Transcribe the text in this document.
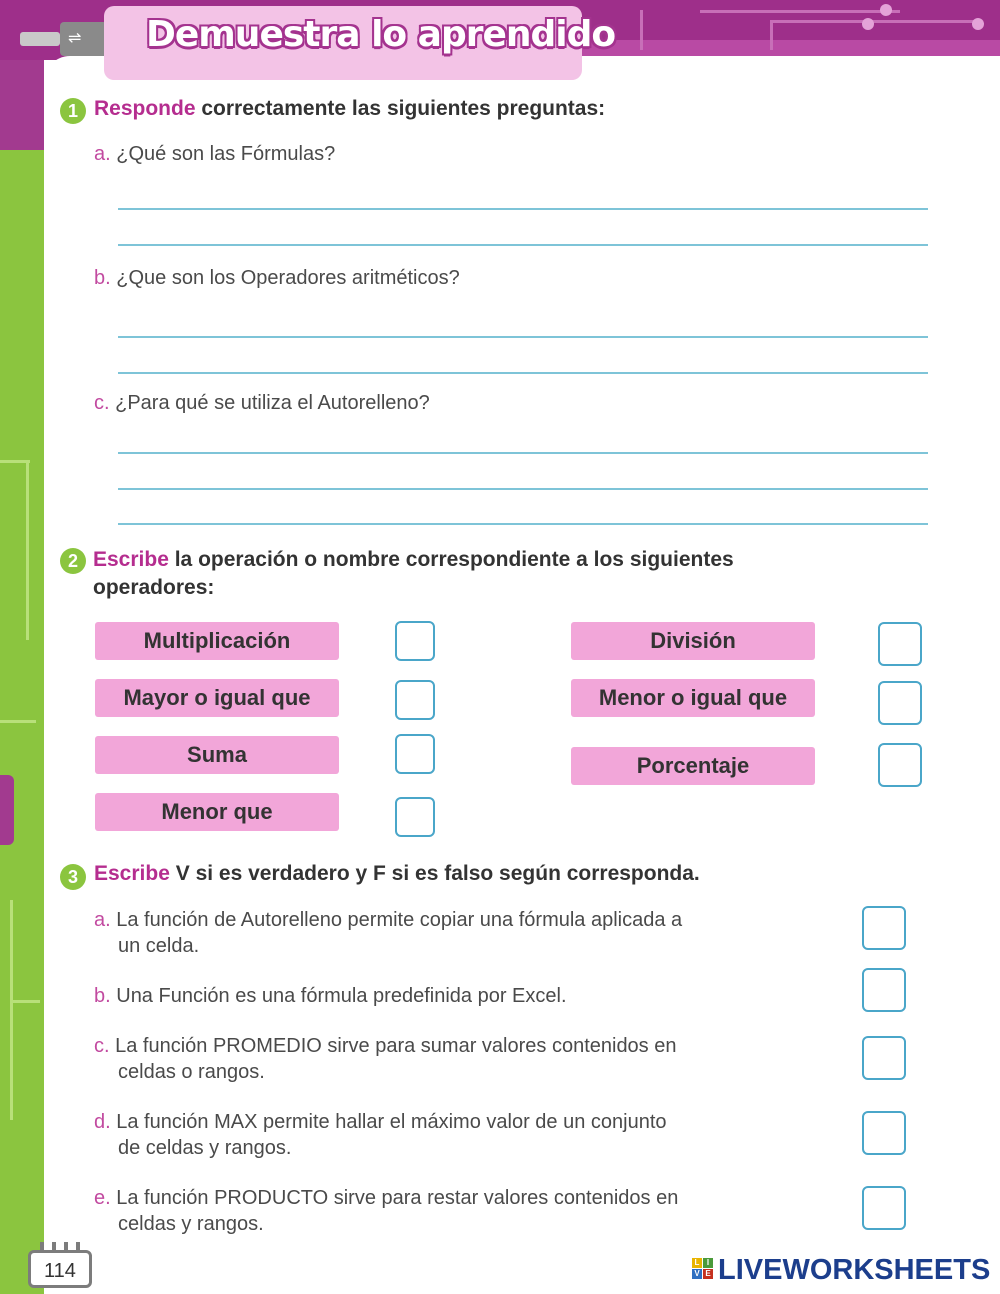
⇌ Demuestra lo aprendido
1 Responde correctamente las siguientes preguntas:
a. ¿Qué son las Fórmulas?
b. ¿Que son los Operadores aritméticos?
c. ¿Para qué se utiliza el Autorelleno?
2 Escribe la operación o nombre correspondiente a los siguientes
operadores:
Multiplicación
Mayor o igual que
Suma
Menor que
División
Menor o igual que
Porcentaje
3 Escribe V si es verdadero y F si es falso según corresponda.
a. La función de Autorelleno permite copiar una fórmula aplicada a
un celda.
b. Una Función es una fórmula predefinida por Excel.
c. La función PROMEDIO sirve para sumar valores contenidos en
celdas o rangos.
d. La función MAX permite hallar el máximo valor de un conjunto
de celdas y rangos.
e. La función PRODUCTO sirve para restar valores contenidos en
celdas y rangos.
114	L I
V E LIVEWORKSHEETS
